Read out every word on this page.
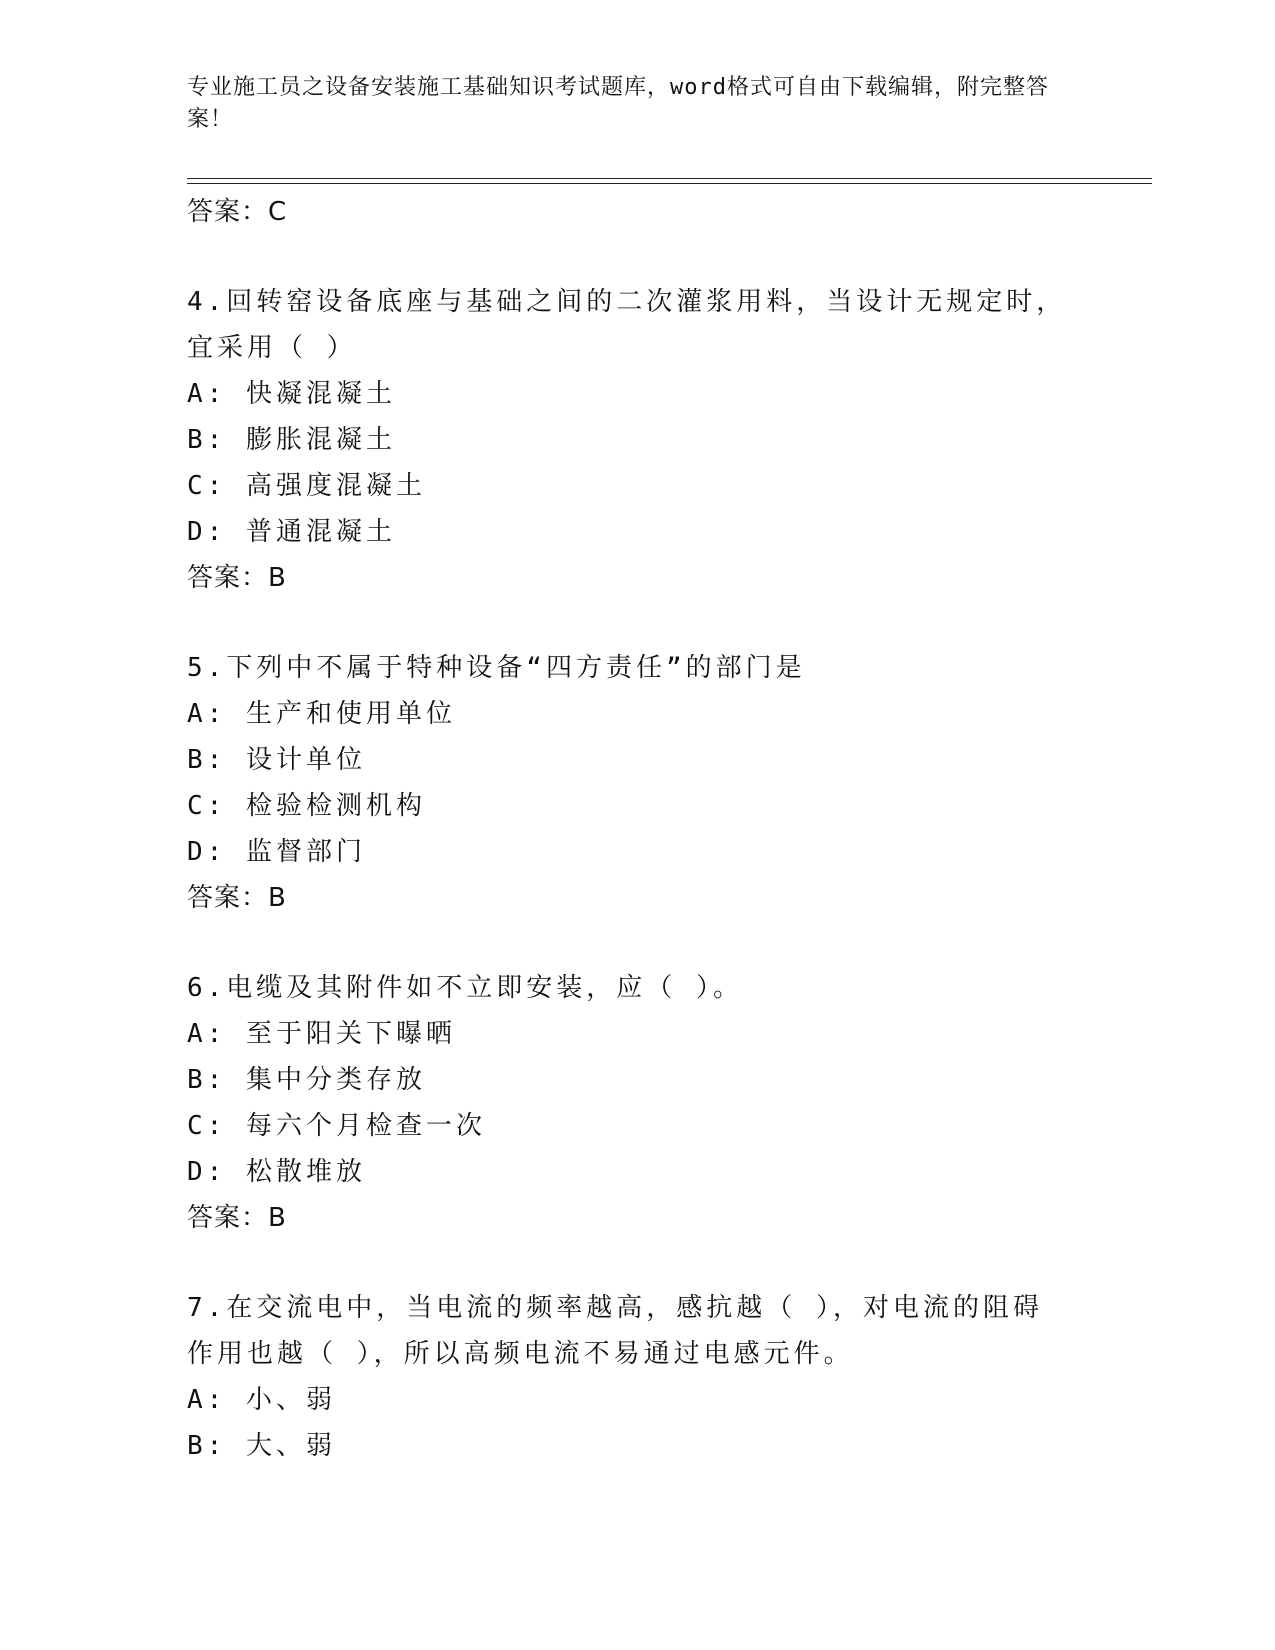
专业施工员之设备安装施工基础知识考试题库，word格式可自由下载编辑，附完整答案！
答案：C
4.回转窑设备底座与基础之间的二次灌浆用料，当设计无规定时，宜采用（ ）
A: 快凝混凝土
B: 膨胀混凝土
C: 高强度混凝土
D: 普通混凝土
答案：B
5.下列中不属于特种设备“四方责任”的部门是
A: 生产和使用单位
B: 设计单位
C: 检验检测机构
D: 监督部门
答案：B
6.电缆及其附件如不立即安装，应（ ）。
A: 至于阳关下曝晒
B: 集中分类存放
C: 每六个月检查一次
D: 松散堆放
答案：B
7.在交流电中，当电流的频率越高，感抗越（ ），对电流的阻碍作用也越（ ），所以高频电流不易通过电感元件。
A: 小、弱
B: 大、弱
